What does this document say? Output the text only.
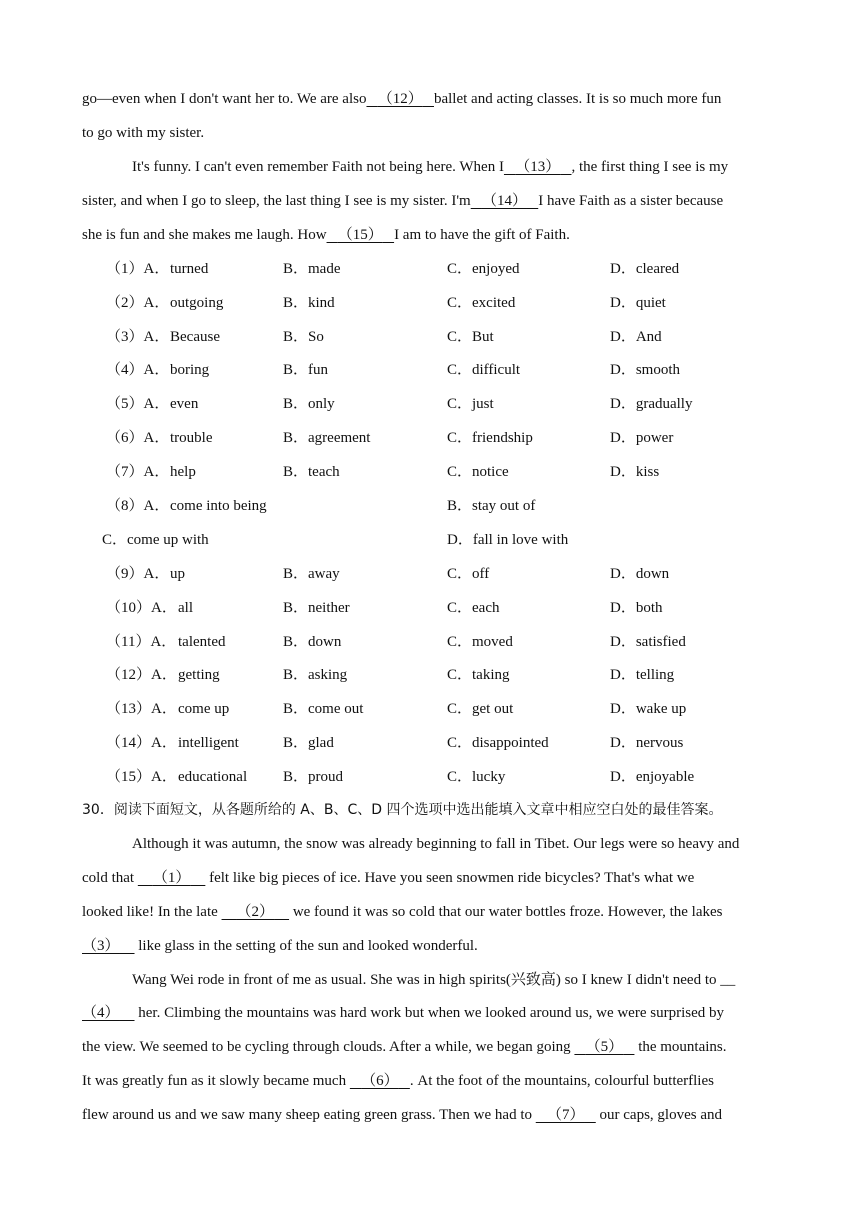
go—even when I don't want her to. We are also （12） ballet and acting classes. It is so much more fun
to go with my sister.
It's funny. I can't even remember Faith not being here. When I （13） , the first thing I see is my
sister, and when I go to sleep, the last thing I see is my sister. I'm （14） I have Faith as a sister because
she is fun and she makes me laugh. How （15） I am to have the gift of Faith.
（1）A． turned	B．made	C．enjoyed	D．cleared
（2）A． outgoing	B．kind	C．excited	D．quiet
（3）A． Because	B．So	C．But	D．And
（4）A． boring	B．fun	C．difficult	D．smooth
（5）A． even	B．only	C．just	D．gradually
（6）A． trouble	B．agreement	C．friendship	D．power
（7）A． help	B．teach	C．notice	D．kiss
（8）A． come into being	B．stay out of
C．come up with	D．fall in love with
（9）A． up	B．away	C．off	D．down
（10）A． all	B．neither	C．each	D．both
（11）A． talented	B．down	C．moved	D．satisfied
（12）A． getting	B．asking	C．taking	D．telling
（13）A． come up	B．come out	C．get out	D．wake up
（14）A． intelligent	B．glad	C．disappointed	D．nervous
（15）A． educational B．proud	C．lucky	D．enjoyable
30．阅读下面短文，从各题所给的 A、B、C、D 四个选项中选出能填入文章中相应空白处的最佳答案。
Although it was autumn, the snow was already beginning to fall in Tibet. Our legs were so heavy and
cold that     （1）     felt like big pieces of ice. Have you seen snowmen ride bicycles? That's what we
looked like! In the late     （2）     we found it was so cold that our water bottles froze. However, the lakes
（3）     like glass in the setting of the sun and looked wonderful.
Wang Wei rode in front of me as usual. She was in high spirits(兴致高) so I knew I didn't need to __
（4）     her. Climbing the mountains was hard work but when we looked around us, we were surprised by
the view. We seemed to be cycling through clouds. After a while, we began going    （5）    the mountains.
It was greatly fun as it slowly became much    （6） . At the foot of the mountains, colourful butterflies
flew around us and we saw many sheep eating green grass. Then we had to    （7）    our caps, gloves and
